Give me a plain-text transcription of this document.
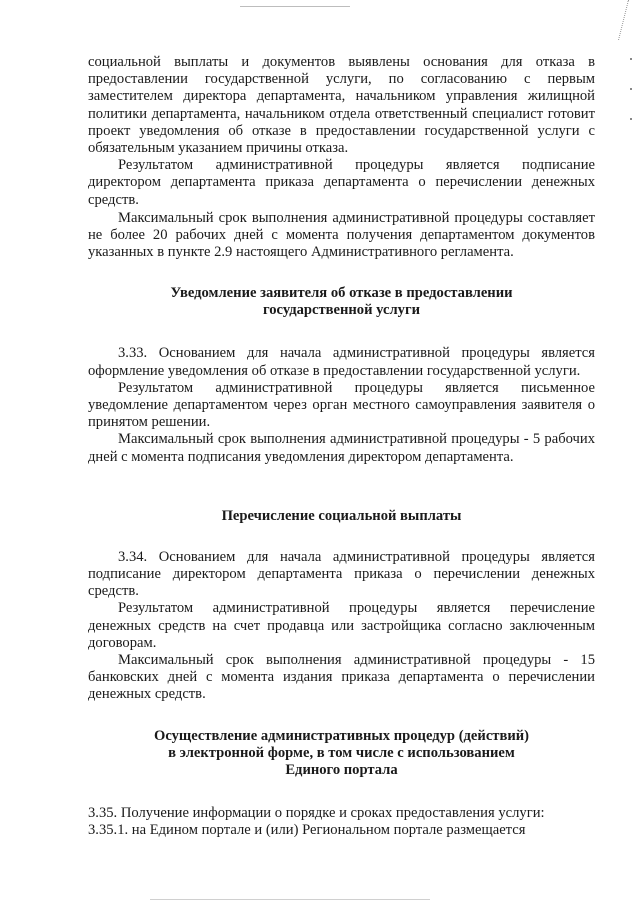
социальной выплаты и документов выявлены основания для отказа в предоставлении государственной услуги, по согласованию с первым заместителем директора департамента, начальником управления жилищной политики департамента, начальником отдела ответственный специалист готовит проект уведомления об отказе в предоставлении государственной услуги с обязательным указанием причины отказа.

Результатом административной процедуры является подписание директором департамента приказа департамента о перечислении денежных средств.

Максимальный срок выполнения административной процедуры составляет не более 20 рабочих дней с момента получения департаментом документов указанных в пункте 2.9 настоящего Административного регламента.

Уведомление заявителя об отказе в предоставлении
государственной услуги

3.33. Основанием для начала административной процедуры является оформление уведомления об отказе в предоставлении государственной услуги.

Результатом административной процедуры является письменное уведомление департаментом через орган местного самоуправления заявителя о принятом решении.

Максимальный срок выполнения административной процедуры - 5 рабочих дней с момента подписания уведомления директором департамента.

Перечисление социальной выплаты

3.34. Основанием для начала административной процедуры является подписание директором департамента приказа о перечислении денежных средств.

Результатом административной процедуры является перечисление денежных средств на счет продавца или застройщика согласно заключенным договорам.

Максимальный срок выполнения административной процедуры - 15 банковских дней с момента издания приказа департамента о перечислении денежных средств.

Осуществление административных процедур (действий)
в электронной форме, в том числе с использованием
Единого портала

3.35. Получение информации о порядке и сроках предоставления услуги:

3.35.1. на Едином портале и (или) Региональном портале размещается
